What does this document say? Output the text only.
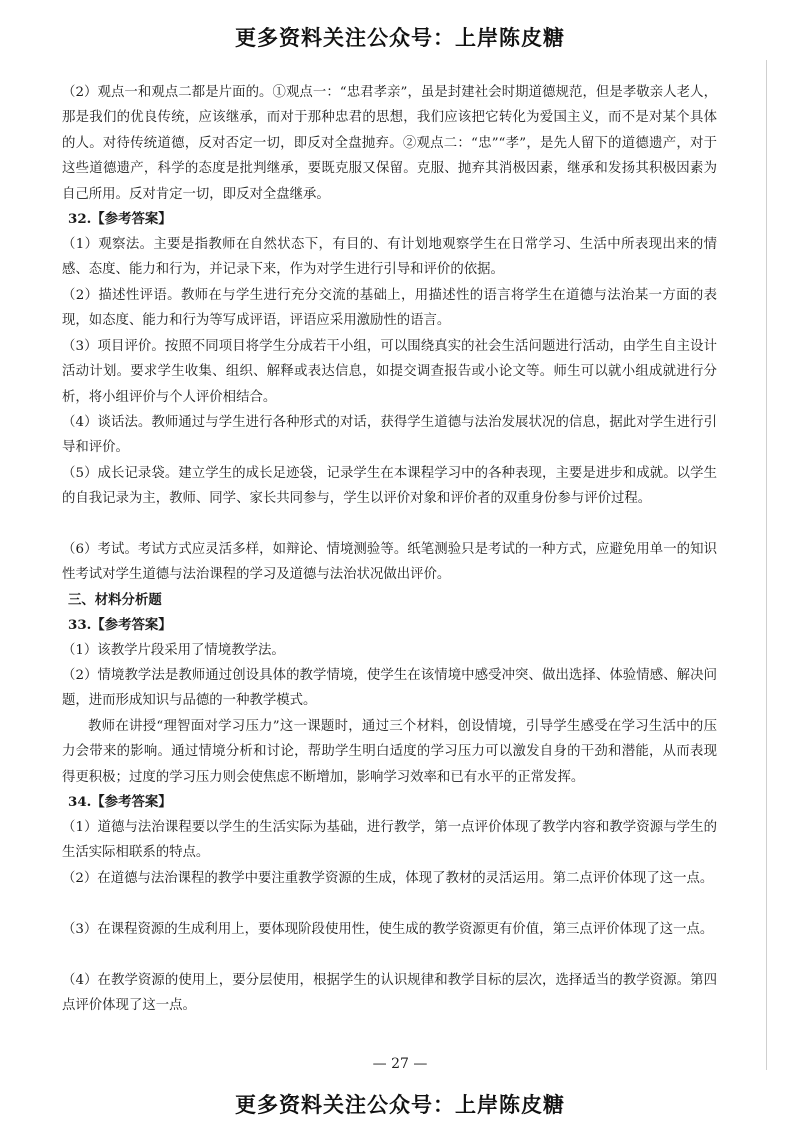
更多资料关注公众号：上岸陈皮糖

（2）观点一和观点二都是片面的。①观点一：“忠君孝亲”，虽是封建社会时期道德规范，但是孝敬亲人老人，那是我们的优良传统，应该继承，而对于那种忠君的思想，我们应该把它转化为爱国主义，而不是对某个具体的人。对待传统道德，反对否定一切，即反对全盘抛弃。②观点二：“忠”“孝”，是先人留下的道德遗产，对于这些道德遗产，科学的态度是批判继承，要既克服又保留。克服、抛弃其消极因素，继承和发扬其积极因素为自己所用。反对肯定一切，即反对全盘继承。

32.【参考答案】

（1）观察法。主要是指教师在自然状态下，有目的、有计划地观察学生在日常学习、生活中所表现出来的情感、态度、能力和行为，并记录下来，作为对学生进行引导和评价的依据。

（2）描述性评语。教师在与学生进行充分交流的基础上，用描述性的语言将学生在道德与法治某一方面的表现，如态度、能力和行为等写成评语，评语应采用激励性的语言。

（3）项目评价。按照不同项目将学生分成若干小组，可以围绕真实的社会生活问题进行活动，由学生自主设计活动计划。要求学生收集、组织、解释或表达信息，如提交调查报告或小论文等。师生可以就小组成就进行分析，将小组评价与个人评价相结合。

（4）谈话法。教师通过与学生进行各种形式的对话，获得学生道德与法治发展状况的信息，据此对学生进行引导和评价。

（5）成长记录袋。建立学生的成长足迹袋，记录学生在本课程学习中的各种表现，主要是进步和成就。以学生的自我记录为主，教师、同学、家长共同参与，学生以评价对象和评价者的双重身份参与评价过程。

（6）考试。考试方式应灵活多样，如辩论、情境测验等。纸笔测验只是考试的一种方式，应避免用单一的知识性考试对学生道德与法治课程的学习及道德与法治状况做出评价。

三、材料分析题

33.【参考答案】

（1）该教学片段采用了情境教学法。

（2）情境教学法是教师通过创设具体的教学情境，使学生在该情境中感受冲突、做出选择、体验情感、解决问题，进而形成知识与品德的一种教学模式。

教师在讲授“理智面对学习压力”这一课题时，通过三个材料，创设情境，引导学生感受在学习生活中的压力会带来的影响。通过情境分析和讨论，帮助学生明白适度的学习压力可以激发自身的干劲和潜能，从而表现得更积极；过度的学习压力则会使焦虑不断增加，影响学习效率和已有水平的正常发挥。

34.【参考答案】

（1）道德与法治课程要以学生的生活实际为基础，进行教学，第一点评价体现了教学内容和教学资源与学生的生活实际相联系的特点。

（2）在道德与法治课程的教学中要注重教学资源的生成，体现了教材的灵活运用。第二点评价体现了这一点。

（3）在课程资源的生成利用上，要体现阶段使用性，使生成的教学资源更有价值，第三点评价体现了这一点。

（4）在教学资源的使用上，要分层使用，根据学生的认识规律和教学目标的层次，选择适当的教学资源。第四点评价体现了这一点。

— 27 —
更多资料关注公众号：上岸陈皮糖
